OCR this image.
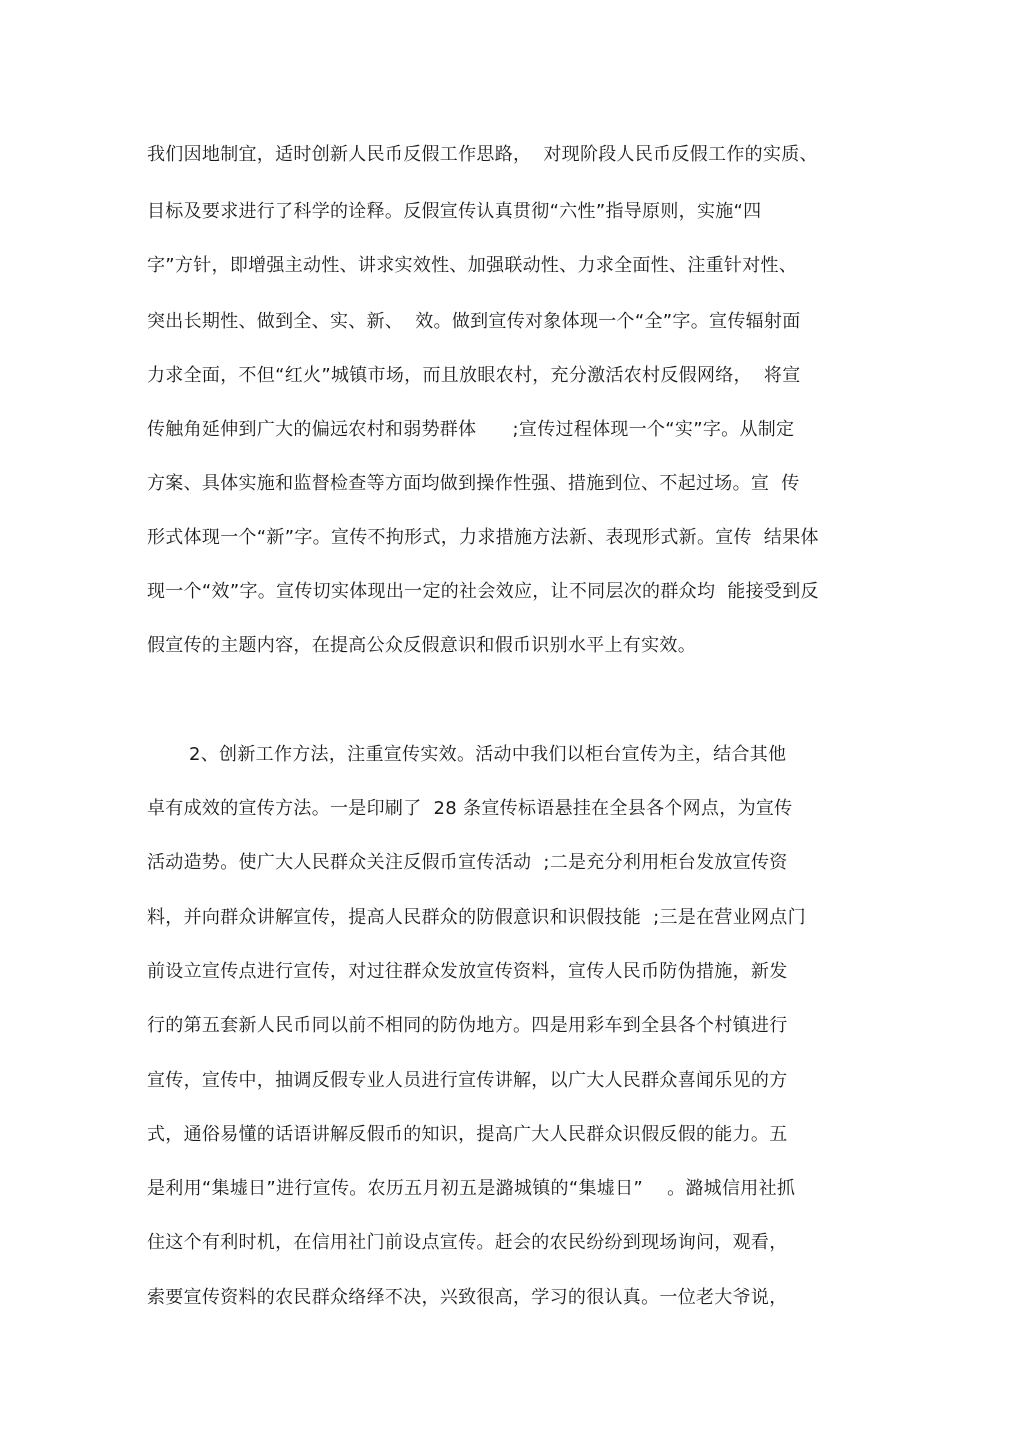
我们因地制宜，适时创新人民币反假工作思路，  对现阶段人民币反假工作的实质、
目标及要求进行了科学的诠释。反假宣传认真贯彻“六性”指导原则，实施“四
字”方针，即增强主动性、讲求实效性、加强联动性、力求全面性、注重针对性、
突出长期性、做到全、实、新、  效。做到宣传对象体现一个“全”字。宣传辐射面
力求全面，不但“红火”城镇市场，而且放眼农村，充分激活农村反假网络，  将宣
传触角延伸到广大的偏远农村和弱势群体      ;宣传过程体现一个“实”字。从制定
方案、具体实施和监督检查等方面均做到操作性强、措施到位、不起过场。宣  传
形式体现一个“新”字。宣传不拘形式，力求措施方法新、表现形式新。宣传  结果体
现一个“效”字。宣传切实体现出一定的社会效应，让不同层次的群众均  能接受到反
假宣传的主题内容，在提高公众反假意识和假币识别水平上有实效。
2、创新工作方法，注重宣传实效。活动中我们以柜台宣传为主，结合其他
卓有成效的宣传方法。一是印刷了  28 条宣传标语悬挂在全县各个网点，为宣传
活动造势。使广大人民群众关注反假币宣传活动  ;二是充分利用柜台发放宣传资
料，并向群众讲解宣传，提高人民群众的防假意识和识假技能  ;三是在营业网点门
前设立宣传点进行宣传，对过往群众发放宣传资料，宣传人民币防伪措施，新发
行的第五套新人民币同以前不相同的防伪地方。四是用彩车到全县各个村镇进行
宣传，宣传中，抽调反假专业人员进行宣传讲解，以广大人民群众喜闻乐见的方
式，通俗易懂的话语讲解反假币的知识，提高广大人民群众识假反假的能力。五
是利用“集墟日”进行宣传。农历五月初五是潞城镇的“集墟日”    。潞城信用社抓
住这个有利时机，在信用社门前设点宣传。赶会的农民纷纷到现场询问，观看，
索要宣传资料的农民群众络绎不决，兴致很高，学习的很认真。一位老大爷说，
